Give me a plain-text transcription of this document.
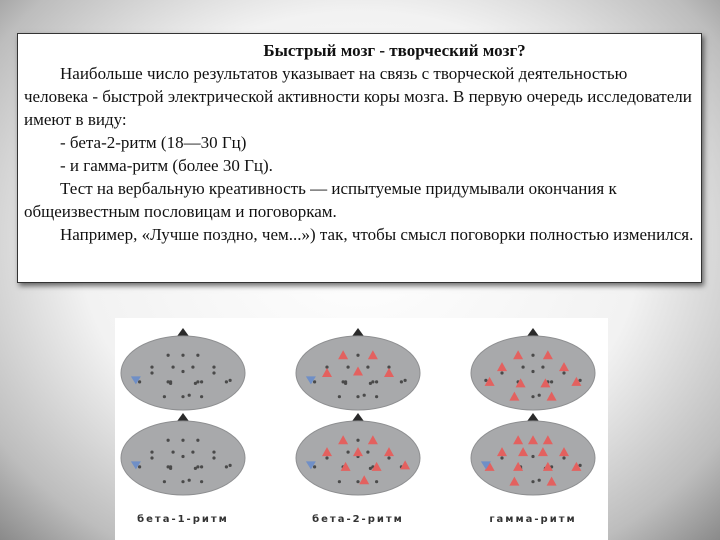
Быстрый мозг - творческий мозг?

Наибольше число результатов указывает на связь с творческой деятельностью человека - быстрой электрической активности коры мозга. В первую очередь исследователи имеют в виду:

- бета-2-ритм (18—30 Гц)

- и гамма-ритм (более 30 Гц).

Тест на вербальную креативность — испытуемые придумывали окончания к общеизвестным пословицам и поговоркам.

Например, «Лучше поздно, чем...») так, чтобы смысл поговорки полностью изменился.

бета-1-ритм	бета-2-ритм	гамма-ритм
